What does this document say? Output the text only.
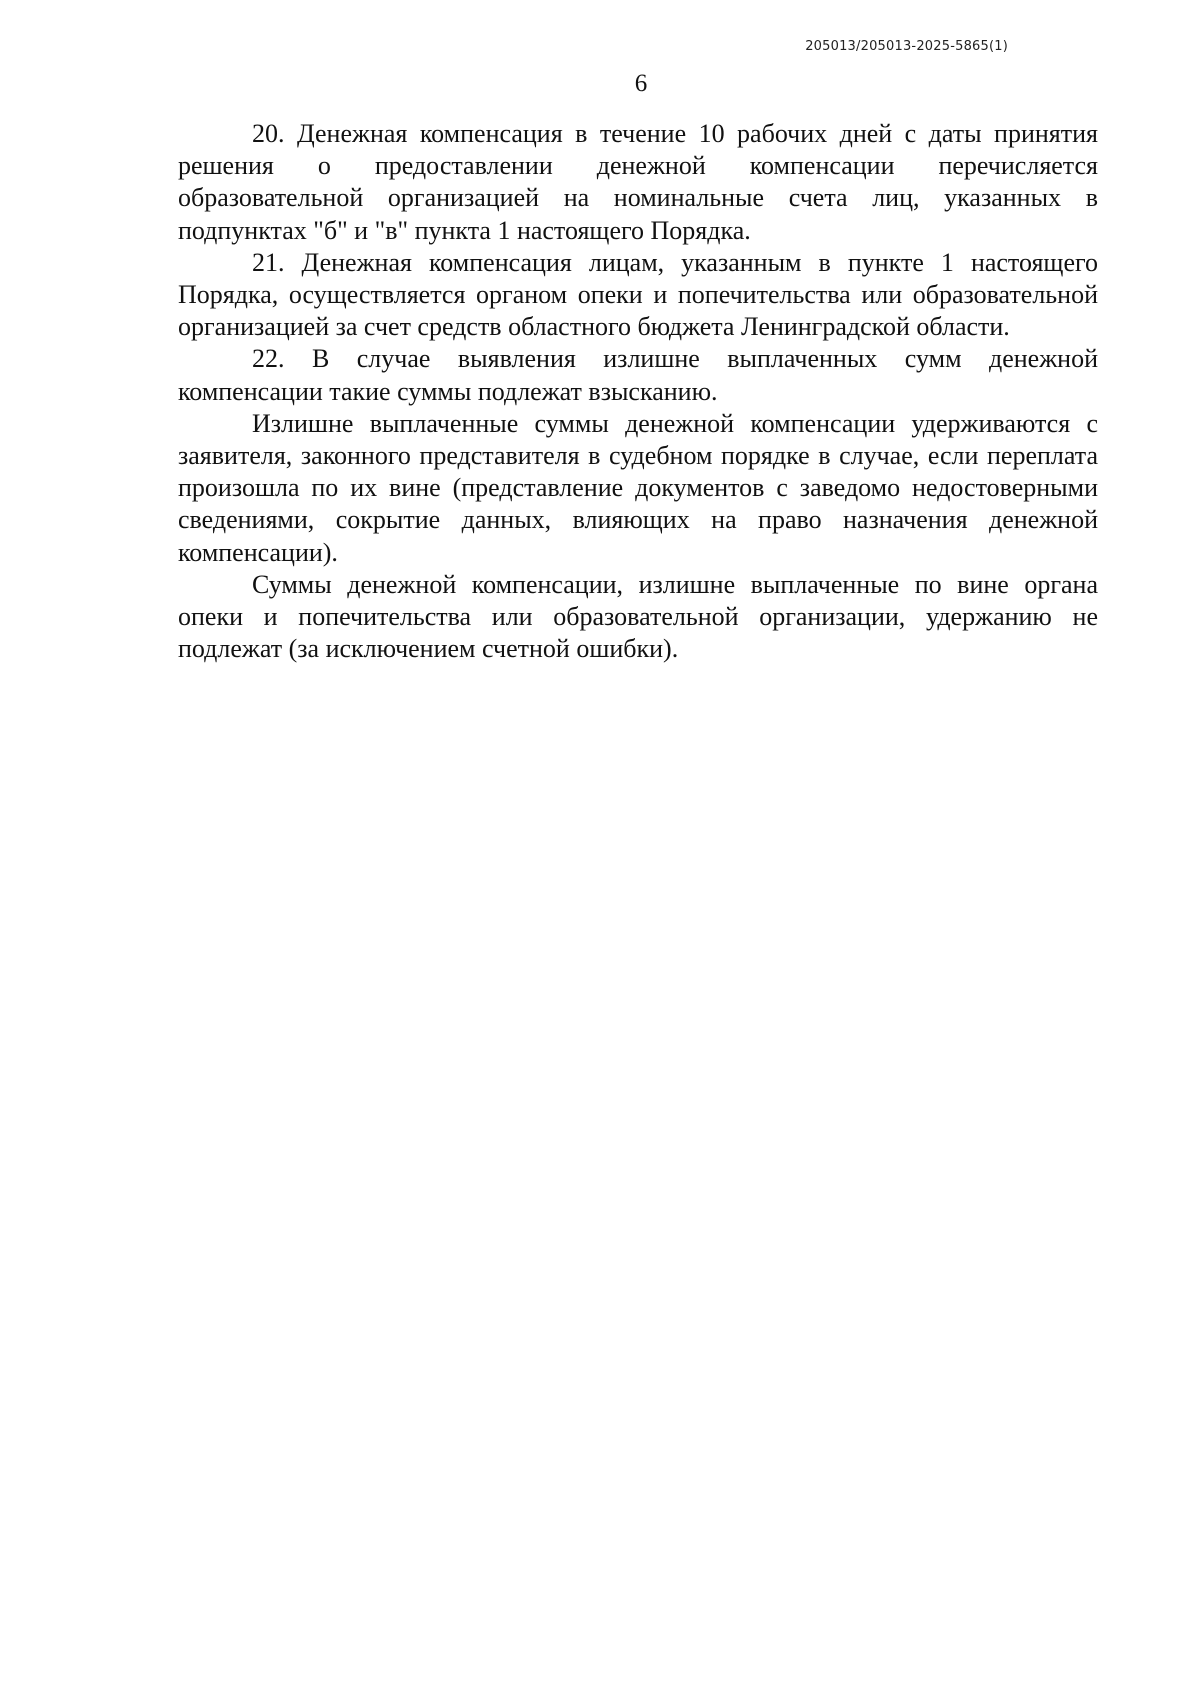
205013/205013-2025-5865(1)
6

20. Денежная компенсация в течение 10 рабочих дней с даты принятия решения о предоставлении денежной компенсации перечисляется образовательной организацией на номинальные счета лиц, указанных в подпунктах "б" и "в" пункта 1 настоящего Порядка.

21. Денежная компенсация лицам, указанным в пункте 1 настоящего Порядка, осуществляется органом опеки и попечительства или образовательной организацией за счет средств областного бюджета Ленинградской области.

22. В случае выявления излишне выплаченных сумм денежной компенсации такие суммы подлежат взысканию.

Излишне выплаченные суммы денежной компенсации удерживаются с заявителя, законного представителя в судебном порядке в случае, если переплата произошла по их вине (представление документов с заведомо недостоверными сведениями, сокрытие данных, влияющих на право назначения денежной компенсации).

Суммы денежной компенсации, излишне выплаченные по вине органа опеки и попечительства или образовательной организации, удержанию не подлежат (за исключением счетной ошибки).
